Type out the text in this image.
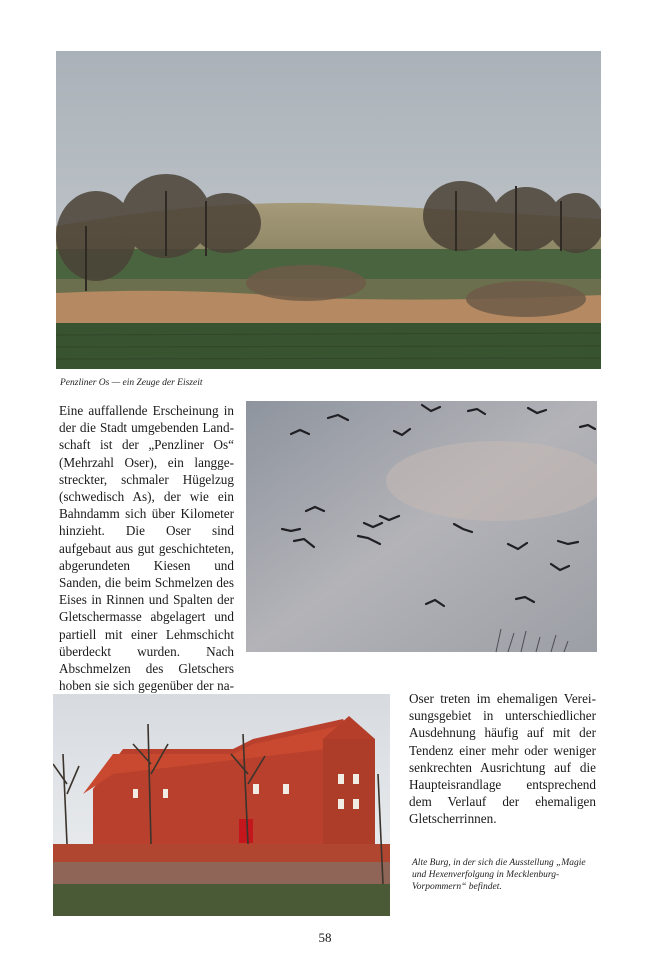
Penzliner Os — ein Zeuge der Eiszeit
Eine auffallende Erscheinung in der die Stadt umgebenden Landschaft ist der „Penzliner Os“ (Mehrzahl Oser), ein langgestreckter, schmaler Hügelzug (schwedisch As), der wie ein Bahndamm sich über Kilometer hinzieht. Die Oser sind aufgebaut aus gut geschichteten, abgerundeten Kiesen und Sanden, die beim Schmelzen des Eises in Rinnen und Spalten der Gletschermasse abgelagert und partiell mit einer Lehmschicht überdeckt wurden. Nach Abschmelzen des Gletschers hoben sie sich gegenüber der na
Oser treten im ehemaligen Vereisungsgebiet in unterschiedlicher Ausdehnung häufig auf mit der Tendenz einer mehr oder weniger senkrechten Ausrichtung auf die Haupteisrandlage entsprechend dem Verlauf der ehemaligen Gletscherrinnen.
Alte Burg, in der sich die Ausstellung „Magie und Hexenverfolgung in Mecklenburg-Vorpommern“ befindet.
58
